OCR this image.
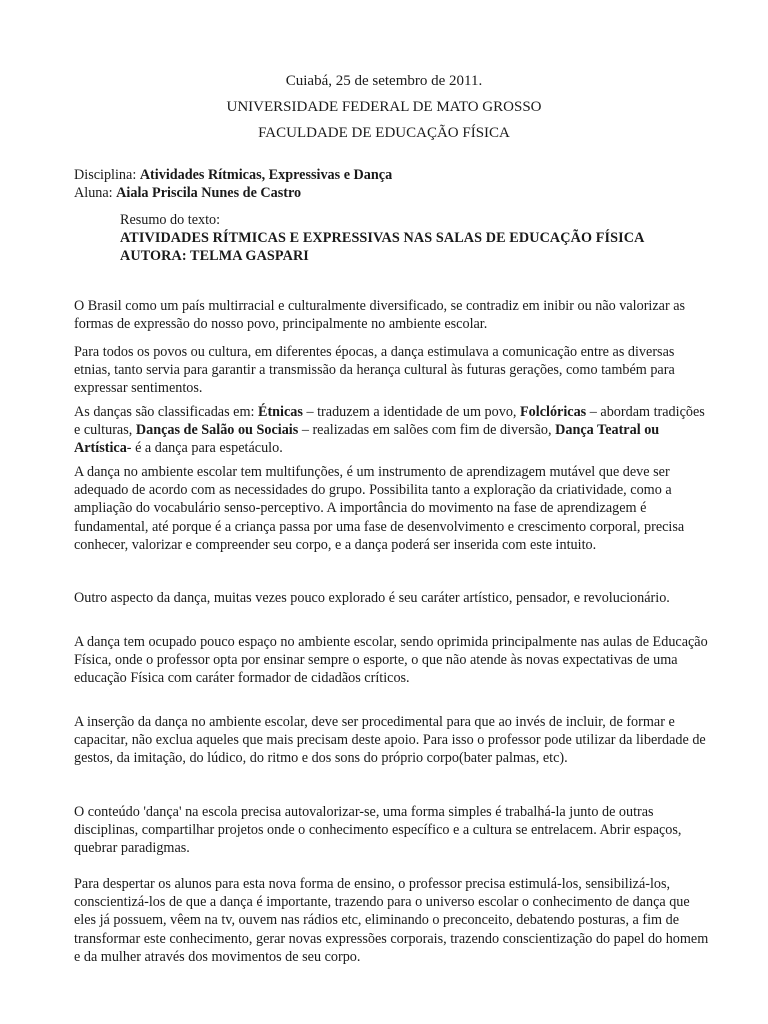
Cuiabá, 25 de setembro de 2011.

UNIVERSIDADE FEDERAL DE MATO GROSSO

FACULDADE DE EDUCAÇÃO FÍSICA

Disciplina: Atividades Rítmicas, Expressivas e Dança

Aluna: Aiala Priscila Nunes de Castro

Resumo do texto:

ATIVIDADES RÍTMICAS E EXPRESSIVAS NAS SALAS DE EDUCAÇÃO FÍSICA

AUTORA: TELMA GASPARI

O Brasil como um país multirracial e culturalmente diversificado, se contradiz em inibir ou não valorizar as formas de expressão do nosso povo, principalmente no ambiente escolar.

Para todos os povos ou cultura, em diferentes épocas, a dança estimulava a comunicação entre as diversas etnias, tanto servia para garantir a transmissão da herança cultural às futuras gerações, como também para expressar sentimentos.

As danças são classificadas em: Étnicas – traduzem a identidade de um povo, Folclóricas – abordam tradições e culturas, Danças de Salão ou Sociais – realizadas em salões com fim de diversão, Dança Teatral ou Artística- é a dança para espetáculo.

A dança no ambiente escolar tem multifunções, é um instrumento de aprendizagem mutável que deve ser adequado de acordo com as necessidades do grupo. Possibilita tanto a exploração da criatividade, como a ampliação do vocabulário senso-perceptivo. A importância do movimento na fase de aprendizagem é fundamental, até porque é a criança passa por uma fase de desenvolvimento e crescimento corporal, precisa conhecer, valorizar e compreender seu corpo, e a dança poderá ser inserida com este intuito.

Outro aspecto da dança, muitas vezes pouco explorado é seu caráter artístico, pensador, e revolucionário.

A dança tem ocupado pouco espaço no ambiente escolar, sendo oprimida principalmente nas aulas de Educação Física, onde o professor opta por ensinar sempre o esporte, o que não atende às novas expectativas de uma educação Física com caráter formador de cidadãos críticos.

A inserção da dança no ambiente escolar, deve ser procedimental para que ao invés de incluir, de formar e capacitar, não exclua aqueles que mais precisam deste apoio. Para isso o professor pode utilizar da liberdade de gestos, da imitação, do lúdico, do ritmo e dos sons do próprio corpo(bater palmas, etc).

O conteúdo 'dança' na escola precisa autovalorizar-se, uma forma simples é trabalhá-la junto de outras disciplinas, compartilhar projetos onde o conhecimento específico e a cultura se entrelacem. Abrir espaços, quebrar paradigmas.

Para despertar os alunos para esta nova forma de ensino, o professor precisa estimulá-los, sensibilizá-los, conscientizá-los de que a dança é importante, trazendo para o universo escolar o conhecimento de dança que eles já possuem, vêem na tv, ouvem nas rádios etc, eliminando o preconceito, debatendo posturas, a fim de transformar este conhecimento, gerar novas expressões corporais, trazendo conscientização do papel do homem e da mulher através dos movimentos de seu corpo.
